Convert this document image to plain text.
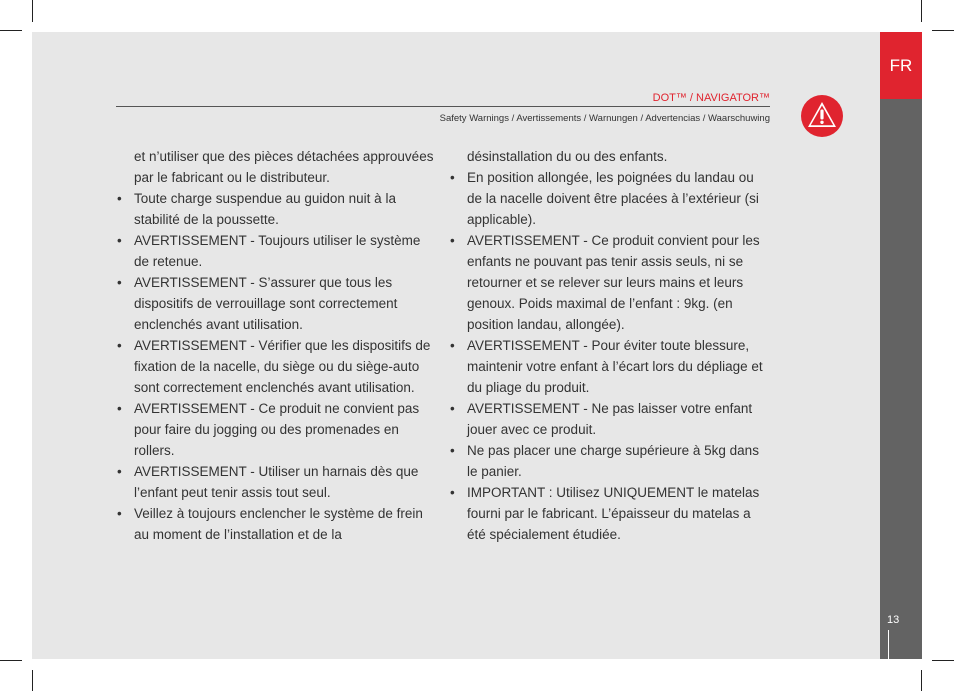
FR
13
DOT™ / NAVIGATOR™
Safety Warnings / Avertissements / Warnungen / Advertencias / Waarschuwing

et n’utiliser que des pièces détachées approuvées par le fabricant ou le distributeur.

• Toute charge suspendue au guidon nuit à la stabilité de la poussette.
• AVERTISSEMENT - Toujours utiliser le système de retenue.
• AVERTISSEMENT - S’assurer que tous les dispositifs de verrouillage sont correctement enclenchés avant utilisation.
• AVERTISSEMENT - Vérifier que les dispositifs de fixation de la nacelle, du siège ou du siège-auto sont correctement enclenchés avant utilisation.
• AVERTISSEMENT - Ce produit ne convient pas pour faire du jogging ou des promenades en rollers.
• AVERTISSEMENT - Utiliser un harnais dès que l’enfant peut tenir assis tout seul.
• Veillez à toujours enclencher le système de frein au moment de l’installation et de la

désinstallation du ou des enfants.

• En position allongée, les poignées du landau ou de la nacelle doivent être placées à l’extérieur (si applicable).
• AVERTISSEMENT - Ce produit convient pour les enfants ne pouvant pas tenir assis seuls, ni se retourner et se relever sur leurs mains et leurs genoux. Poids maximal de l’enfant : 9kg. (en position landau, allongée).
• AVERTISSEMENT - Pour éviter toute blessure, maintenir votre enfant à l’écart lors du dépliage et du pliage du produit.
• AVERTISSEMENT - Ne pas laisser votre enfant jouer avec ce produit.
• Ne pas placer une charge supérieure à 5kg dans le panier.
• IMPORTANT : Utilisez UNIQUEMENT le matelas fourni par le fabricant. L’épaisseur du matelas a été spécialement étudiée.
